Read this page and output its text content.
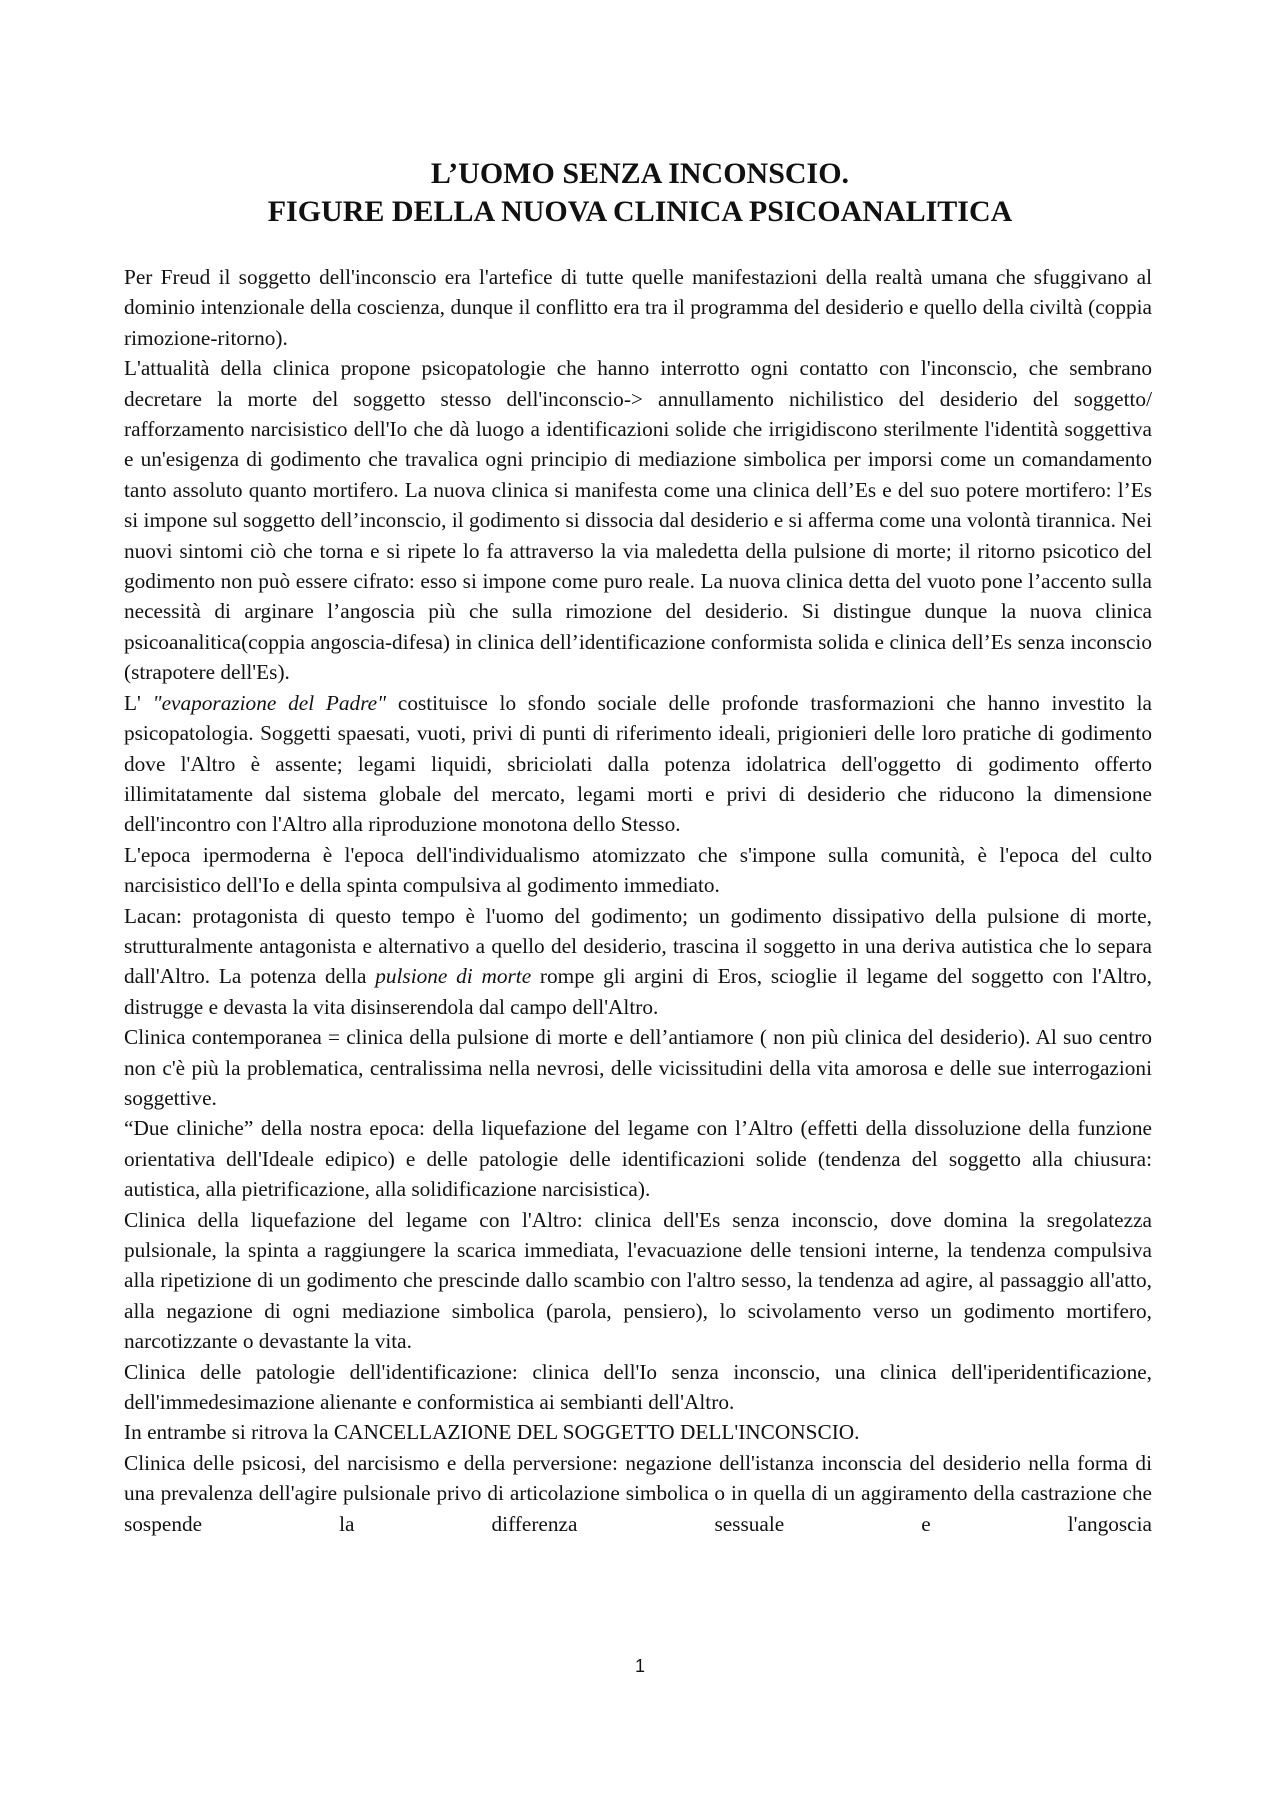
L’UOMO SENZA INCONSCIO.
FIGURE DELLA NUOVA CLINICA PSICOANALITICA

Per Freud il soggetto dell'inconscio era l'artefice di tutte quelle manifestazioni della realtà umana che sfuggivano al dominio intenzionale della coscienza, dunque il conflitto era tra il programma del desiderio e quello della civiltà (coppia rimozione-ritorno).

L'attualità della clinica propone psicopatologie che hanno interrotto ogni contatto con l'inconscio, che sembrano decretare la morte del soggetto stesso dell'inconscio-> annullamento nichilistico del desiderio del soggetto/ rafforzamento narcisistico dell'Io che dà luogo a identificazioni solide che irrigidiscono sterilmente l'identità soggettiva e un'esigenza di godimento che travalica ogni principio di mediazione simbolica per imporsi come un comandamento tanto assoluto quanto mortifero. La nuova clinica si manifesta come una clinica dell’Es e del suo potere mortifero: l’Es si impone sul soggetto dell’inconscio, il godimento si dissocia dal desiderio e si afferma come una volontà tirannica. Nei nuovi sintomi ciò che torna e si ripete lo fa attraverso la via maledetta della pulsione di morte; il ritorno psicotico del godimento non può essere cifrato: esso si impone come puro reale. La nuova clinica detta del vuoto pone l’accento sulla necessità di arginare l’angoscia più che sulla rimozione del desiderio. Si distingue dunque la nuova clinica psicoanalitica(coppia angoscia-difesa) in clinica dell’identificazione conformista solida e clinica dell’Es senza inconscio (strapotere dell'Es).

L' "evaporazione del Padre" costituisce lo sfondo sociale delle profonde trasformazioni che hanno investito la psicopatologia. Soggetti spaesati, vuoti, privi di punti di riferimento ideali, prigionieri delle loro pratiche di godimento dove l'Altro è assente; legami liquidi, sbriciolati dalla potenza idolatrica dell'oggetto di godimento offerto illimitatamente dal sistema globale del mercato, legami morti e privi di desiderio che riducono la dimensione dell'incontro con l'Altro alla riproduzione monotona dello Stesso.

L'epoca ipermoderna è l'epoca dell'individualismo atomizzato che s'impone sulla comunità, è l'epoca del culto narcisistico dell'Io e della spinta compulsiva al godimento immediato.

Lacan: protagonista di questo tempo è l'uomo del godimento; un godimento dissipativo della pulsione di morte, strutturalmente antagonista e alternativo a quello del desiderio, trascina il soggetto in una deriva autistica che lo separa dall'Altro. La potenza della pulsione di morte rompe gli argini di Eros, scioglie il legame del soggetto con l'Altro, distrugge e devasta la vita disinserendola dal campo dell'Altro.

Clinica contemporanea = clinica della pulsione di morte e dell’antiamore ( non più clinica del desiderio). Al suo centro non c'è più la problematica, centralissima nella nevrosi, delle vicissitudini della vita amorosa e delle sue interrogazioni soggettive.

“Due cliniche” della nostra epoca: della liquefazione del legame con l’Altro (effetti della dissoluzione della funzione orientativa dell'Ideale edipico) e delle patologie delle identificazioni solide (tendenza del soggetto alla chiusura: autistica, alla pietrificazione, alla solidificazione narcisistica).

Clinica della liquefazione del legame con l'Altro: clinica dell'Es senza inconscio, dove domina la sregolatezza pulsionale, la spinta a raggiungere la scarica immediata, l'evacuazione delle tensioni interne, la tendenza compulsiva alla ripetizione di un godimento che prescinde dallo scambio con l'altro sesso, la tendenza ad agire, al passaggio all'atto, alla negazione di ogni mediazione simbolica (parola, pensiero), lo scivolamento verso un godimento mortifero, narcotizzante o devastante la vita.

Clinica delle patologie dell'identificazione: clinica dell'Io senza inconscio, una clinica dell'iperidentificazione, dell'immedesimazione alienante e conformistica ai sembianti dell'Altro.

In entrambe si ritrova la CANCELLAZIONE DEL SOGGETTO DELL'INCONSCIO.

Clinica delle psicosi, del narcisismo e della perversione: negazione dell'istanza inconscia del desiderio nella forma di una prevalenza dell'agire pulsionale privo di articolazione simbolica o in quella di un aggiramento della castrazione che sospende la differenza sessuale e l'angoscia

1
